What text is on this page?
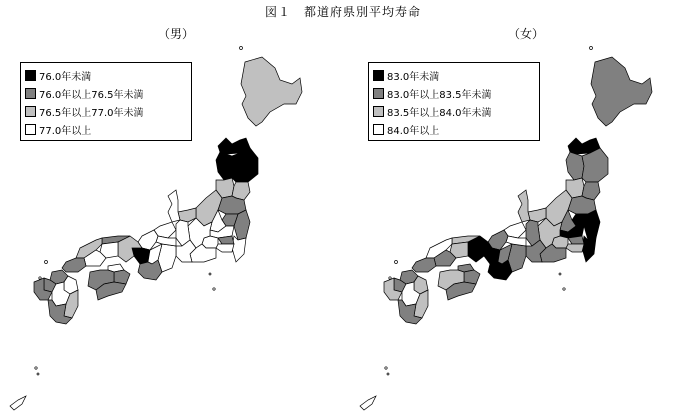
図１　都道府県別平均寿命
（男）	（女）
76.0年未満
76.0年以上76.5年未満
76.5年以上77.0年未満
77.0年以上
83.0年未満
83.0年以上83.5年未満
83.5年以上84.0年未満
84.0年以上
